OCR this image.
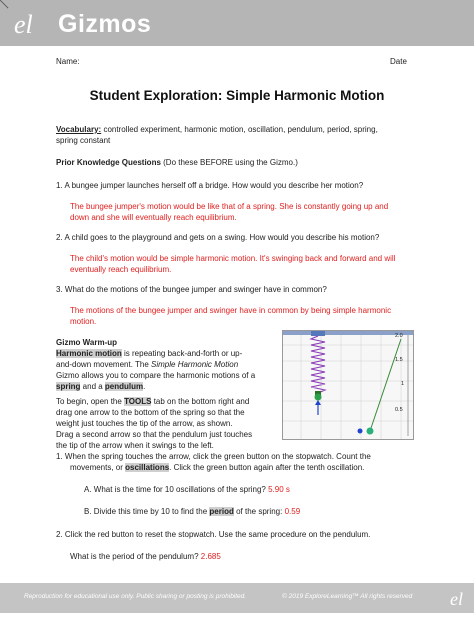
el Gizmos
Name:	Date
Student Exploration: Simple Harmonic Motion
Vocabulary: controlled experiment, harmonic motion, oscillation, pendulum, period, spring,
spring constant
Prior Knowledge Questions (Do these BEFORE using the Gizmo.)
1. A bungee jumper launches herself off a bridge. How would you describe her motion?
The bungee jumper's motion would be like that of a spring. She is constantly going up and
down and she will eventually reach equilibrium.
2. A child goes to the playground and gets on a swing. How would you describe his motion?
The child's motion would be simple harmonic motion. It's swinging back and forward and will
eventually reach equilibrium.
3. What do the motions of the bungee jumper and swinger have in common?
The motions of the bungee jumper and swinger have in common by being simple harmonic
motion.
Gizmo Warm-up
Harmonic motion is repeating back-and-forth or up-
and-down movement. The Simple Harmonic Motion
Gizmo allows you to compare the harmonic motions of a
spring and a pendulum.
To begin, open the TOOLS tab on the bottom right and
drag one arrow to the bottom of the spring so that the
weight just touches the tip of the arrow, as shown.
Drag a second arrow so that the pendulum just touches
the tip of the arrow when it swings to the left.
2.0
1.5
1
0.5
1. When the spring touches the arrow, click the green button on the stopwatch. Count the
movements, or oscillations. Click the green button again after the tenth oscillation.
A. What is the time for 10 oscillations of the spring? 5.90 s
B. Divide this time by 10 to find the period of the spring: 0.59
2. Click the red button to reset the stopwatch. Use the same procedure on the pendulum.
What is the period of the pendulum? 2.685
Reproduction for educational use only. Public sharing or posting is prohibited.	© 2019 ExploreLearning™ All rights reserved el
